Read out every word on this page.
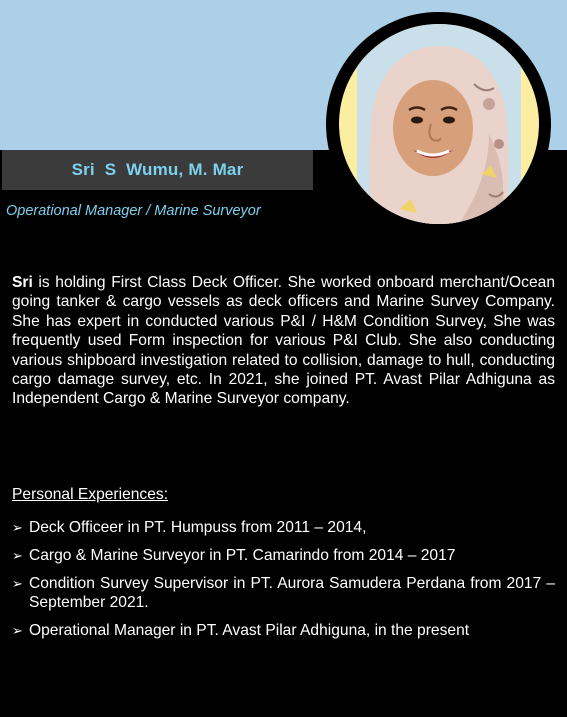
Sri  S  Wumu, M. Mar
Operational Manager / Marine Surveyor

Sri is holding First Class Deck Officer. She worked onboard merchant/Ocean going tanker & cargo vessels as deck officers and Marine Survey Company. She has expert in conducted various P&I / H&M Condition Survey, She was frequently used Form inspection for various P&I Club. She also conducting various shipboard investigation related to collision, damage to hull, conducting cargo damage survey, etc. In 2021, she joined PT. Avast Pilar Adhiguna as Independent Cargo & Marine Surveyor company.

Personal Experiences:
➢ Deck Officeer in PT. Humpuss from 2011 – 2014,
➢ Cargo & Marine Surveyor in PT. Camarindo from 2014 – 2017
➢ Condition Survey Supervisor in PT. Aurora Samudera Perdana from 2017 – September 2021.
➢ Operational Manager in PT. Avast Pilar Adhiguna, in the present
